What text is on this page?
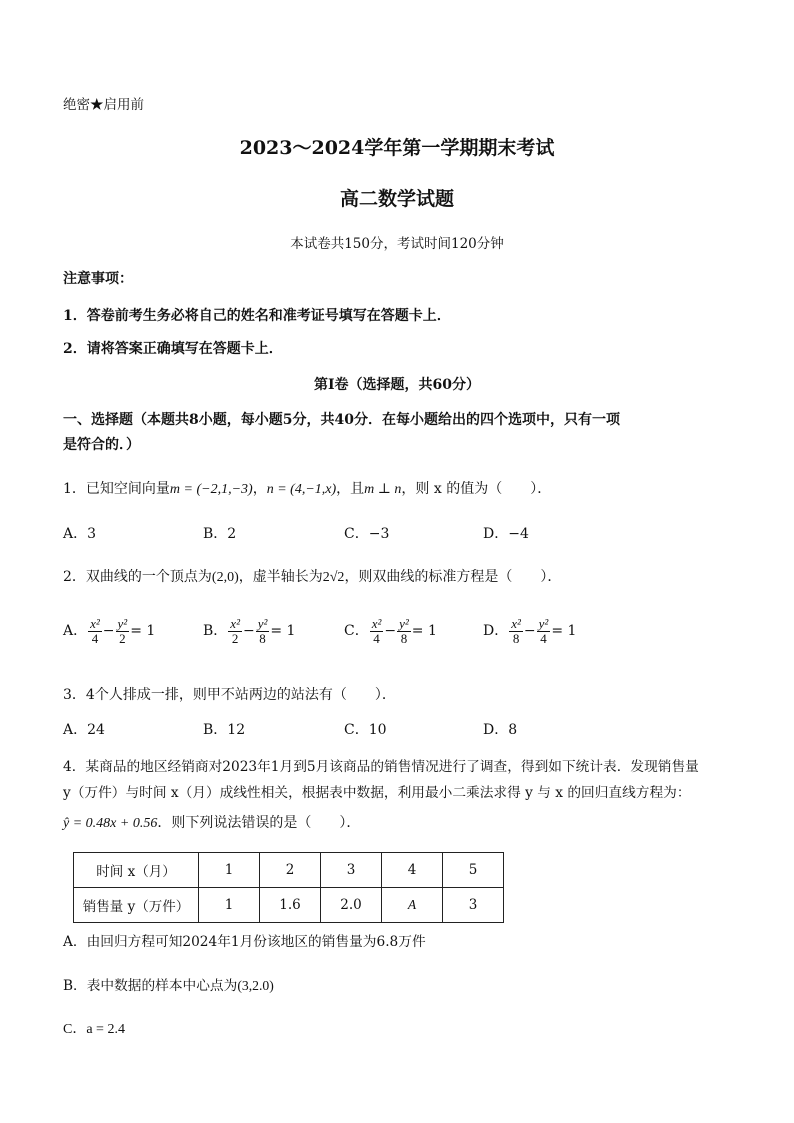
绝密★启用前
2023～2024学年第一学期期末考试
高二数学试题
本试卷共150分，考试时间120分钟
注意事项：
1．答卷前考生务必将自己的姓名和准考证号填写在答题卡上．
2．请将答案正确填写在答题卡上．
第Ⅰ卷（选择题，共60分）
一、选择题（本题共8小题，每小题5分，共40分．在每小题给出的四个选项中，只有一项
是符合的．）
1．已知空间向量m = (−2,1,−3)，n = (4,−1,x)，且m ⊥ n，则 x 的值为（　　）．
A．3	B．2	C．−3	D．−4
2．双曲线的一个顶点为(2,0)，虚半轴长为2√2，则双曲线的标准方程是（　　）．
A． $\frac{\text{x²}}{4} - \frac{\text{y²}}{2} = 1$	B． $\frac{\text{x²}}{2} - \frac{\text{y²}}{8} = 1$	C． $\frac{\text{x²}}{4} - \frac{\text{y²}}{8} = 1$	D． $\frac{\text{x²}}{8} - \frac{\text{y²}}{4} = 1$
3．4个人排成一排，则甲不站两边的站法有（　　）．
A．24	B．12	C．10	D．8
4．某商品的地区经销商对2023年1月到5月该商品的销售情况进行了调查，得到如下统计表．发现销售量
y（万件）与时间 x（月）成线性相关，根据表中数据，利用最小二乘法求得 y 与 x 的回归直线方程为：
ŷ = 0.48x + 0.56．则下列说法错误的是（　　）．
时间 x（月）	1	2	3	4	5
销售量 y（万件）	1	1.6	2.0	A	3
A．由回归方程可知2024年1月份该地区的销售量为6.8万件
B．表中数据的样本中心点为(3,2.0)
C．a = 2.4
